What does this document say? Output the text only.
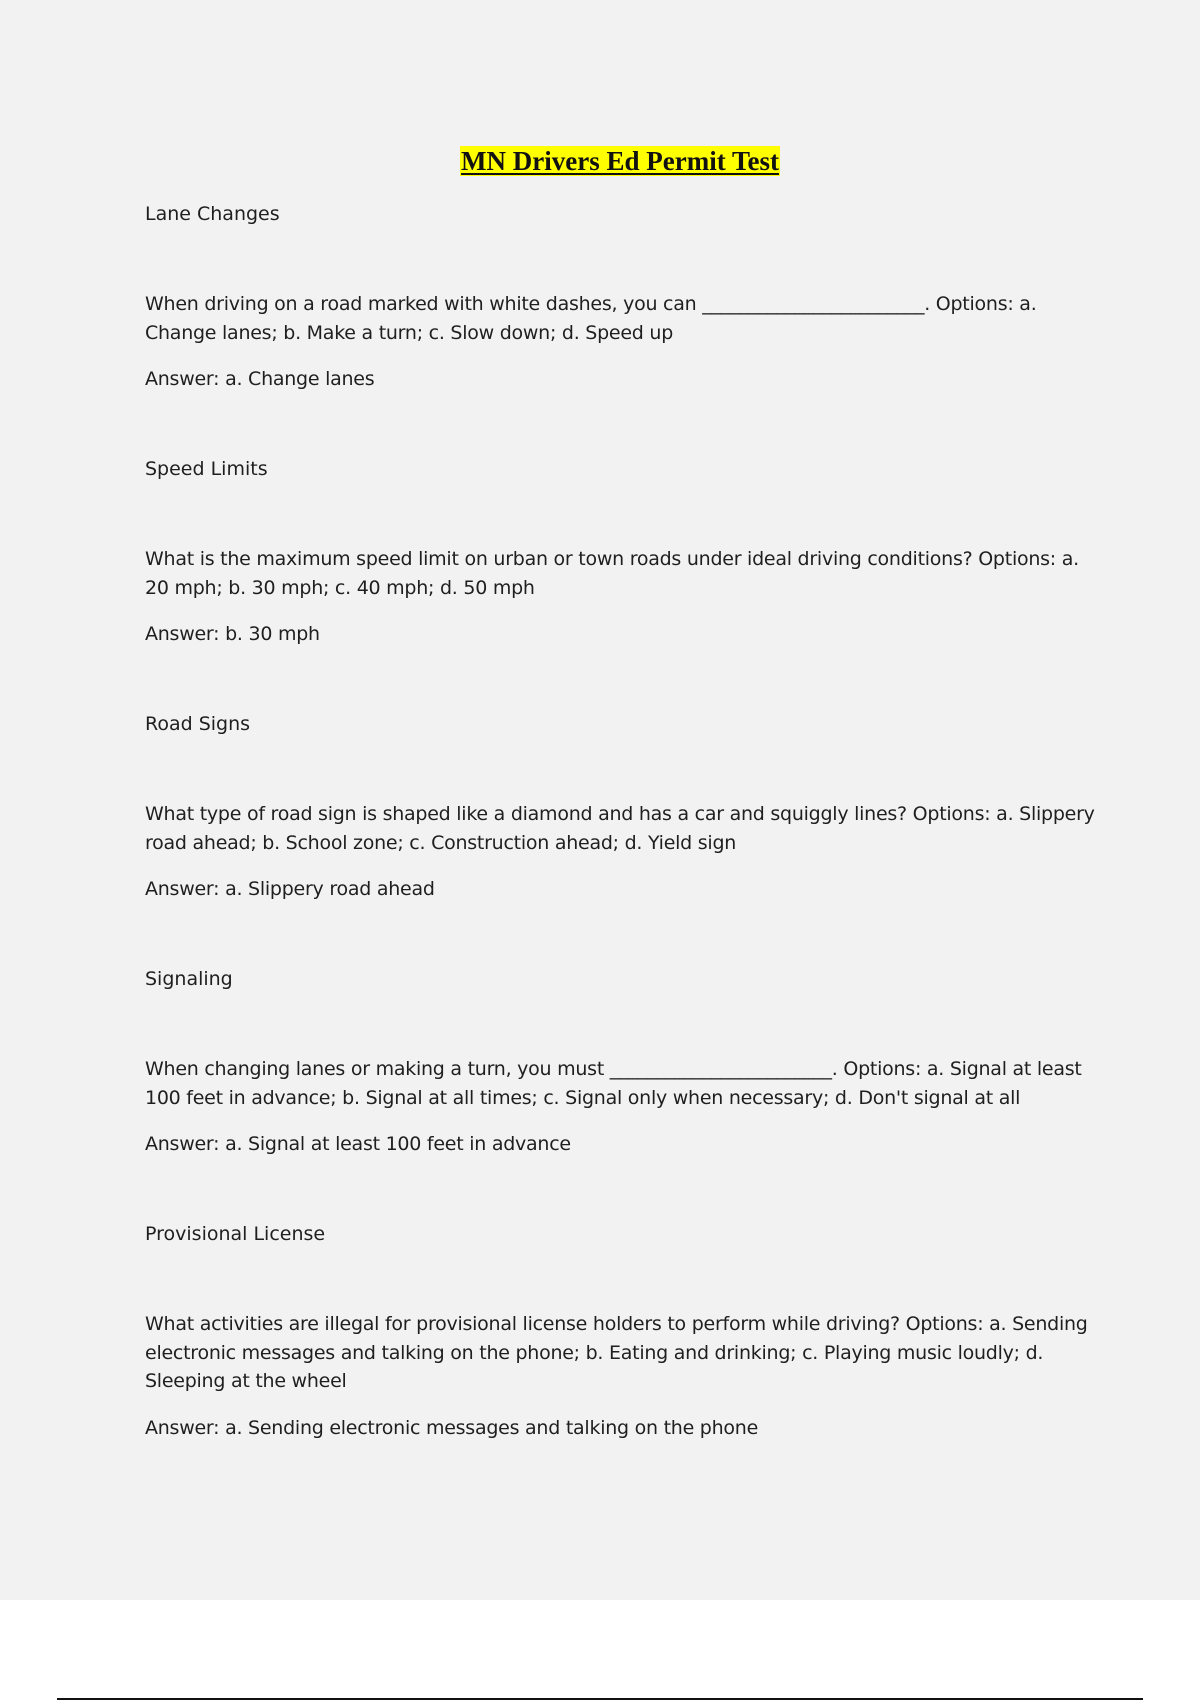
MN Drivers Ed Permit Test

Lane Changes

When driving on a road marked with white dashes, you can ________________________. Options: a. Change lanes; b. Make a turn; c. Slow down; d. Speed up

Answer: a. Change lanes

Speed Limits

What is the maximum speed limit on urban or town roads under ideal driving conditions? Options: a. 20 mph; b. 30 mph; c. 40 mph; d. 50 mph

Answer: b. 30 mph

Road Signs

What type of road sign is shaped like a diamond and has a car and squiggly lines? Options: a. Slippery road ahead; b. School zone; c. Construction ahead; d. Yield sign

Answer: a. Slippery road ahead

Signaling

When changing lanes or making a turn, you must ________________________. Options: a. Signal at least 100 feet in advance; b. Signal at all times; c. Signal only when necessary; d. Don't signal at all

Answer: a. Signal at least 100 feet in advance

Provisional License

What activities are illegal for provisional license holders to perform while driving? Options: a. Sending electronic messages and talking on the phone; b. Eating and drinking; c. Playing music loudly; d. Sleeping at the wheel

Answer: a. Sending electronic messages and talking on the phone
